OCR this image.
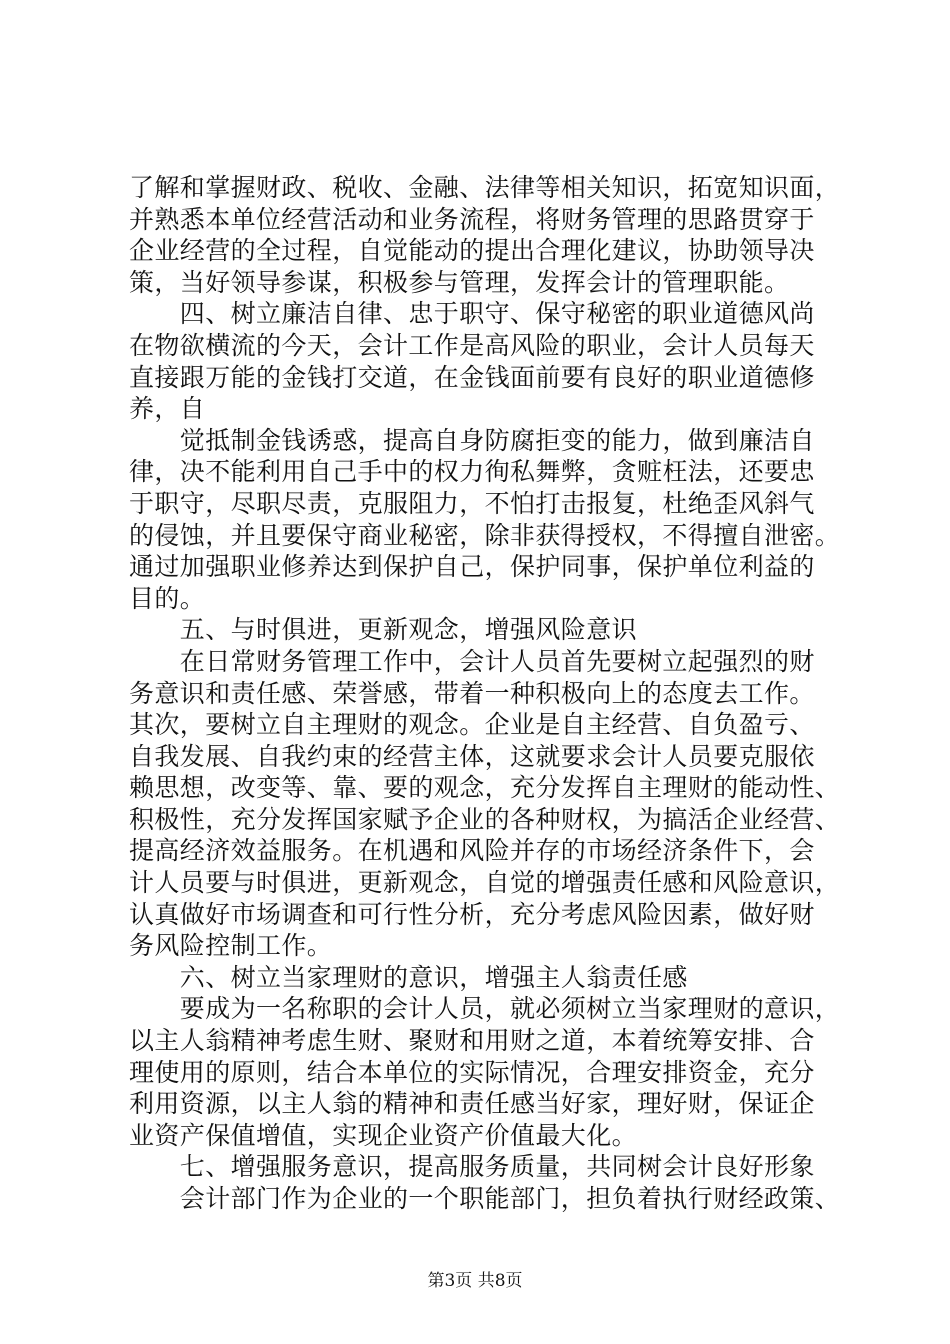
了解和掌握财政、税收、金融、法律等相关知识，拓宽知识面，
并熟悉本单位经营活动和业务流程，将财务管理的思路贯穿于
企业经营的全过程，自觉能动的提出合理化建议，协助领导决
策，当好领导参谋，积极参与管理，发挥会计的管理职能。
　　四、树立廉洁自律、忠于职守、保守秘密的职业道德风尚
在物欲横流的今天，会计工作是高风险的职业，会计人员每天
直接跟万能的金钱打交道，在金钱面前要有良好的职业道德修
养，自
　　觉抵制金钱诱惑，提高自身防腐拒变的能力，做到廉洁自
律，决不能利用自己手中的权力徇私舞弊，贪赃枉法，还要忠
于职守，尽职尽责，克服阻力，不怕打击报复，杜绝歪风斜气
的侵蚀，并且要保守商业秘密，除非获得授权，不得擅自泄密。
通过加强职业修养达到保护自己，保护同事，保护单位利益的
目的。
　　五、与时俱进，更新观念，增强风险意识
　　在日常财务管理工作中，会计人员首先要树立起强烈的财
务意识和责任感、荣誉感，带着一种积极向上的态度去工作。
其次，要树立自主理财的观念。企业是自主经营、自负盈亏、
自我发展、自我约束的经营主体，这就要求会计人员要克服依
赖思想，改变等、靠、要的观念，充分发挥自主理财的能动性、
积极性，充分发挥国家赋予企业的各种财权，为搞活企业经营、
提高经济效益服务。在机遇和风险并存的市场经济条件下，会
计人员要与时俱进，更新观念，自觉的增强责任感和风险意识，
认真做好市场调查和可行性分析，充分考虑风险因素，做好财
务风险控制工作。
　　六、树立当家理财的意识，增强主人翁责任感
　　要成为一名称职的会计人员，就必须树立当家理财的意识，
以主人翁精神考虑生财、聚财和用财之道，本着统筹安排、合
理使用的原则，结合本单位的实际情况，合理安排资金，充分
利用资源，以主人翁的精神和责任感当好家，理好财，保证企
业资产保值增值，实现企业资产价值最大化。
　　七、增强服务意识，提高服务质量，共同树会计良好形象
　　会计部门作为企业的一个职能部门，担负着执行财经政策、
第3页 共8页
